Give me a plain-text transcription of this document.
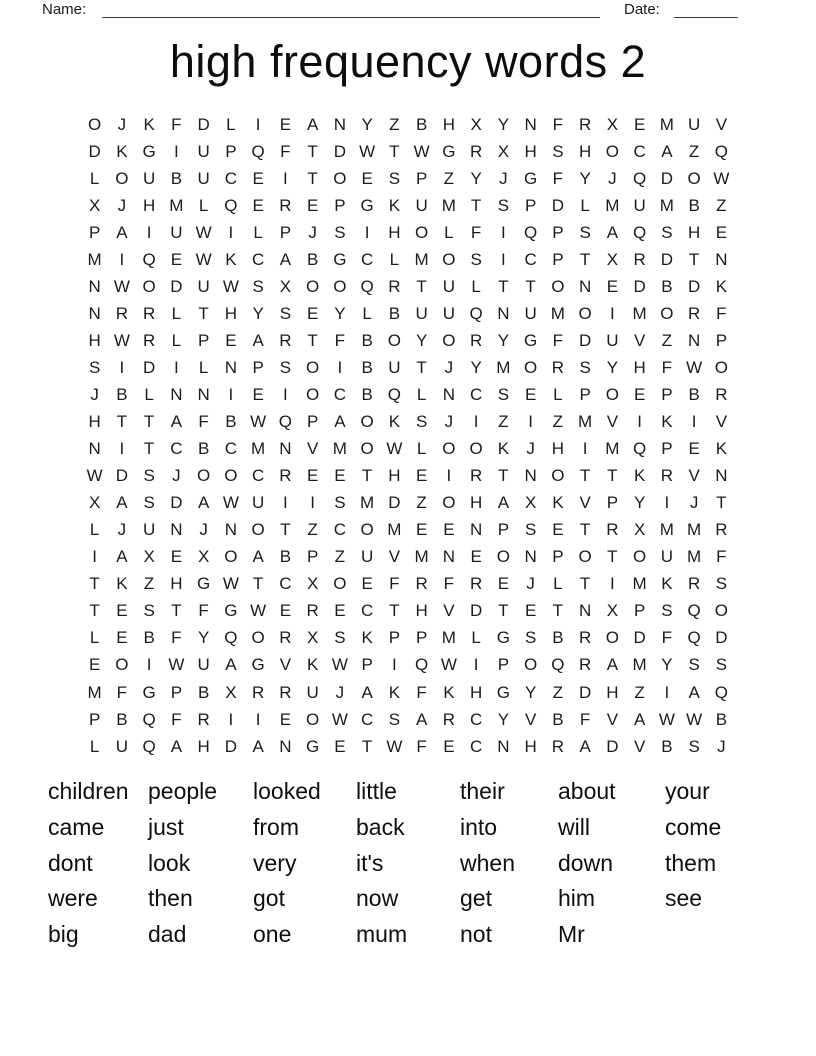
Name:	Date:
high frequency words 2
O J	K F D L	I	E A N Y Z B H X Y N F R X E M U V
D K G	I	U P Q F T D W T W G R X H S H O C A Z Q
L O U B U C E	I	T O E S P Z Y	J G F Y	J Q D O W
X	J H M L Q E R E P G K U M T S P D L M U M B Z
P A	I	U W I	L P	J	S	I	H O L	F	I	Q P S A Q S H E
M	I	Q E W K C A B G C L M O S	I	C P T X R D T N
N W O D U W S X O O Q R T U L	T T O N E D B D K
N R R L	T H Y S E Y L B U U Q N U M O	I	M O R F
H W R L P E A R T F B O Y O R Y G F D U V Z N P
S	I	D	I	L N P S O	I	B U T	J	Y M O R S Y H F W O
J	B L N N	I	E	I	O C B Q L N C S E L P O E P B R
H T T A F B W Q P A O K S	J	I	Z	I	Z M V	I	K	I	V
N	I	T C B C M N V M O W L O O K	J H	I	M Q P E K
W D S	J O O C R E E T H E	I	R T N O T T K R V N
X A S D A W U	I	I	S M D Z O H A X K V P Y	I	J	T
L	J U N J N O T Z C O M E E N P S E T R X M M R
I	A X E X O A B P Z U V M N E O N P O T O U M F
T K Z H G W T C X O E F R F R E	J	L	T	I	M K R S
T E S T F G W E R E C T H V D T E T N X P S Q O
L E B F Y Q O R X S K P P M L G S B R O D F Q D
E O	I W U A G V K W P	I	Q W I	P O Q R A M Y S S
M F G P B X R R U J	A K F K H G Y Z D H Z	I	A Q
P B Q F R	I	I	E O W C S A R C Y V B F V A W W B
L U Q A H D A N G E T W F E C N H R A D V B S	J
children people	looked	little	their	about	your
came	just	from	back	into	will	come
dont	look	very	it's	when	down	them
were	then	got	now	get	him	see
big	dad	one	mum	not	Mr
